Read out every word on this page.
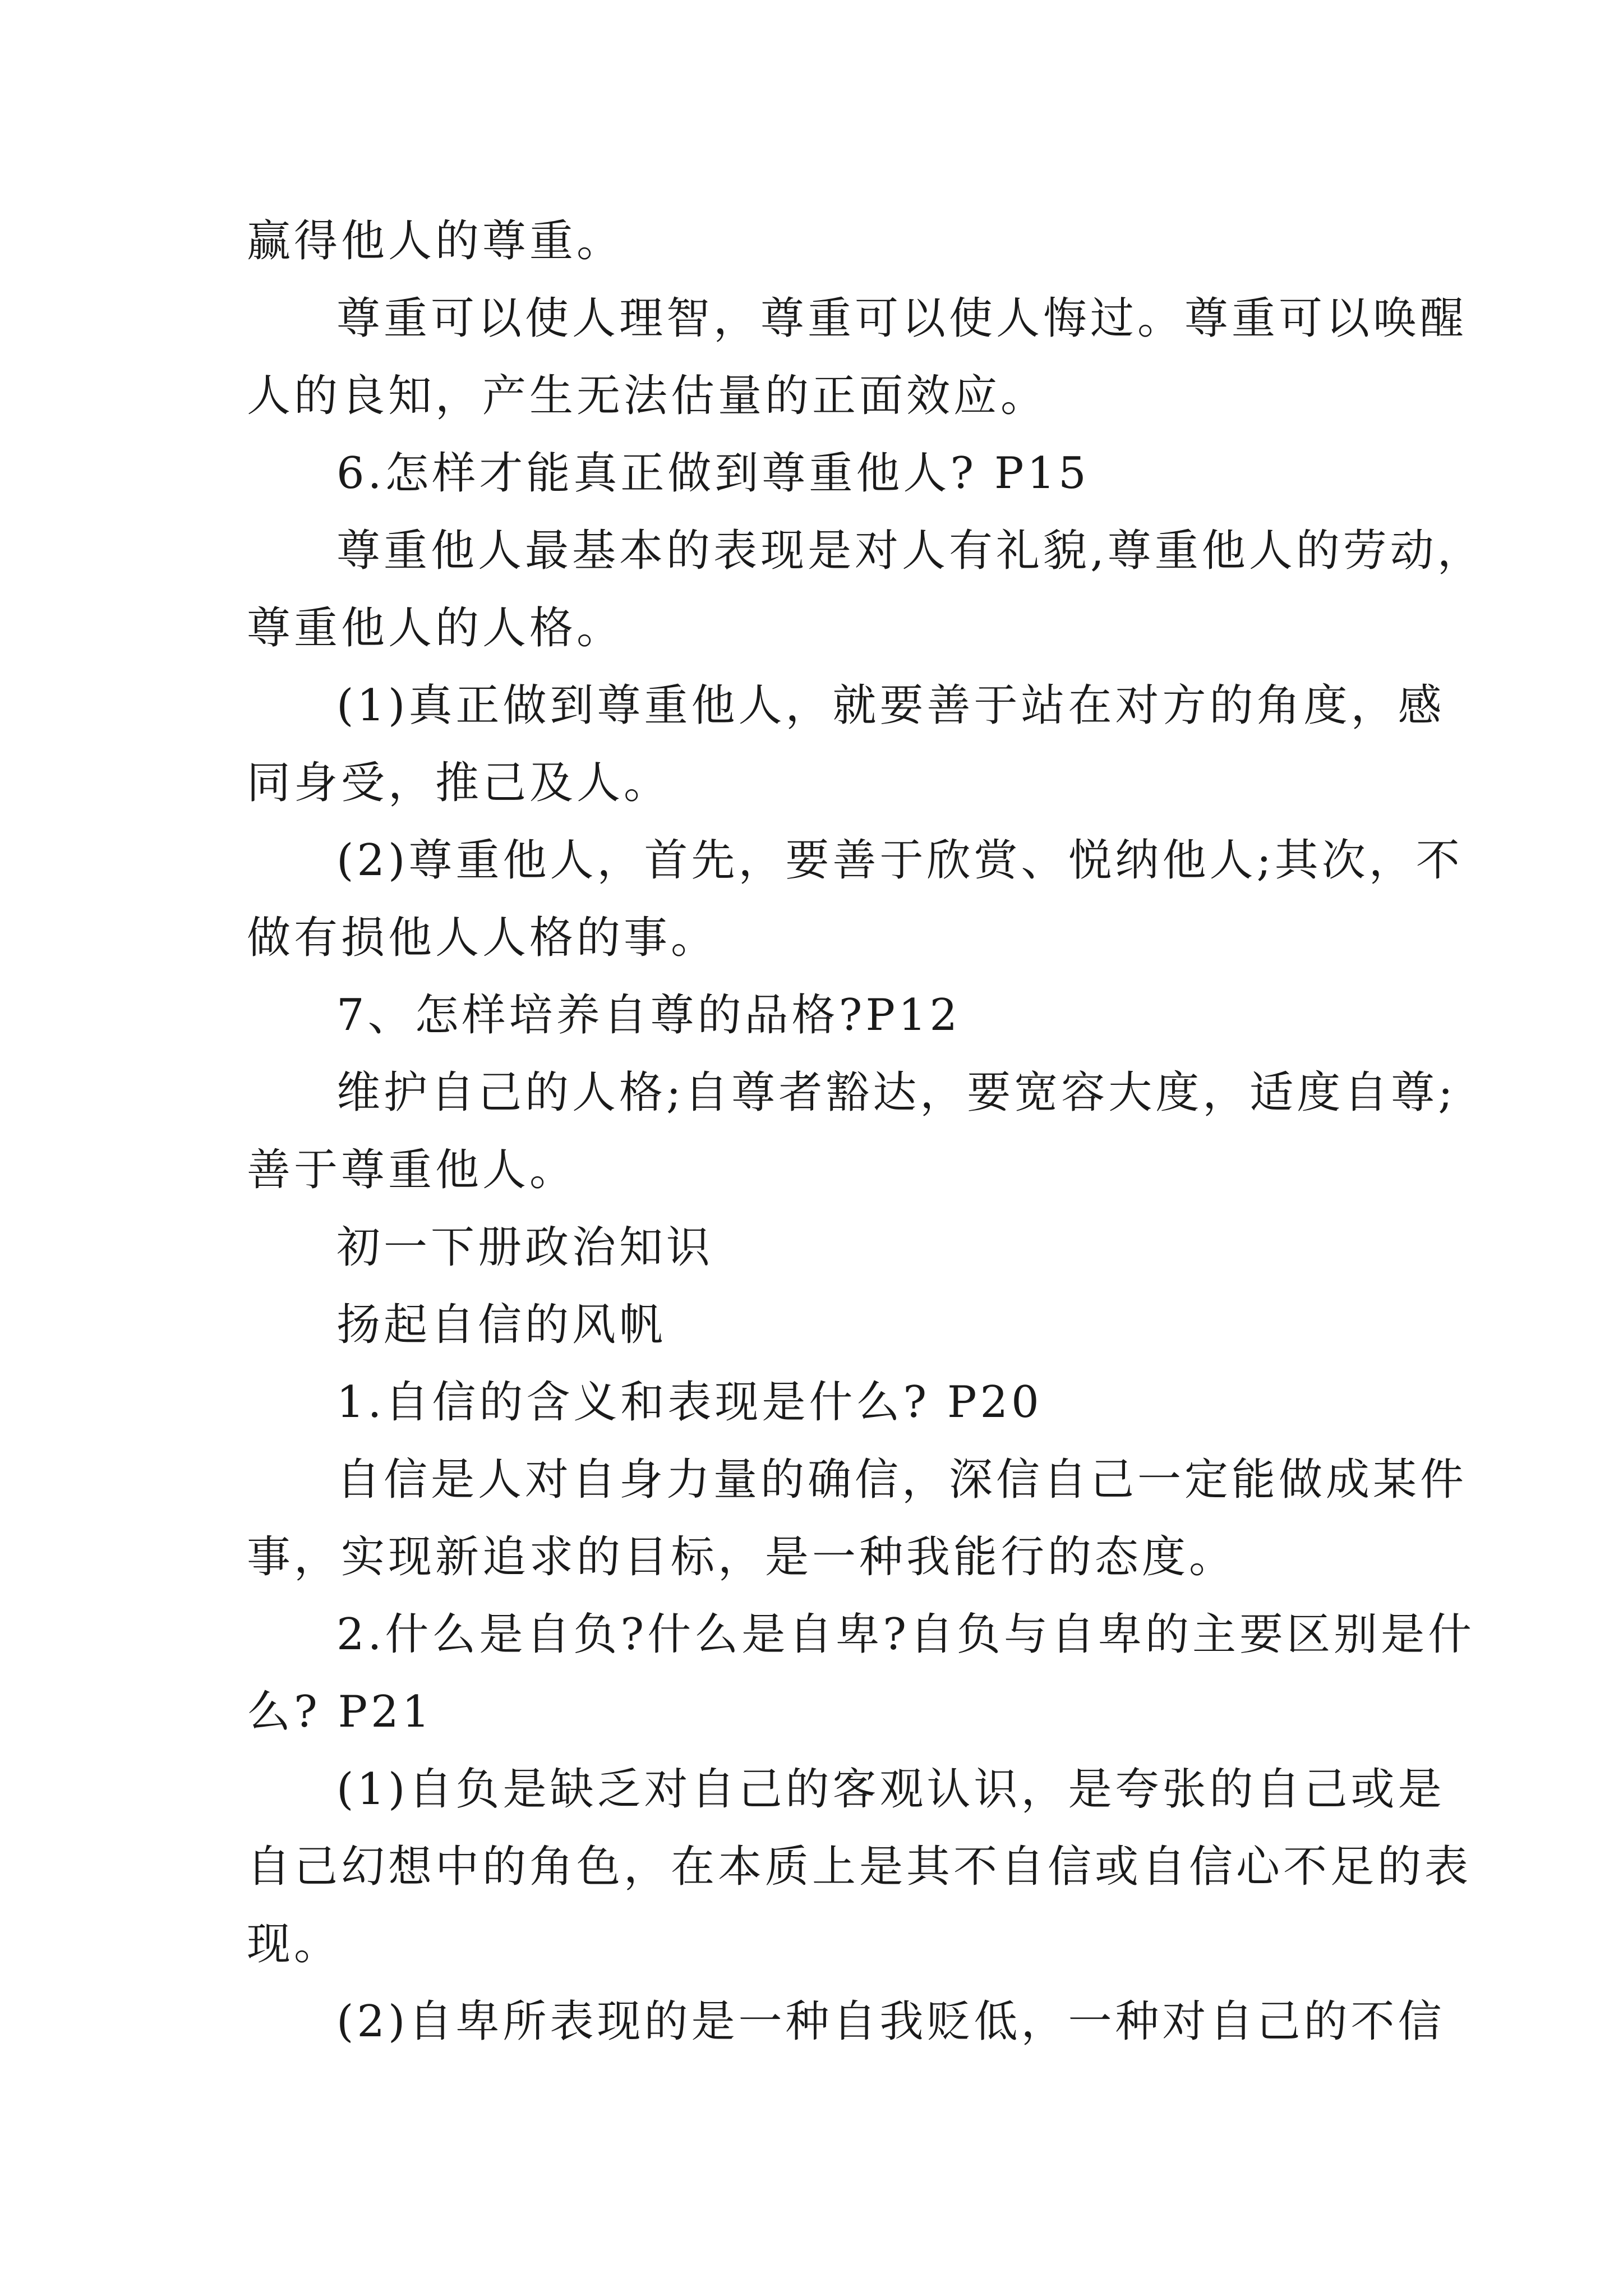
赢得他人的尊重。
尊重可以使人理智，尊重可以使人悔过。尊重可以唤醒
人的良知，产生无法估量的正面效应。
6.怎样才能真正做到尊重他人? P15
尊重他人最基本的表现是对人有礼貌,尊重他人的劳动，
尊重他人的人格。
(1)真正做到尊重他人，就要善于站在对方的角度，感
同身受，推己及人。
(2)尊重他人，首先，要善于欣赏、悦纳他人;其次，不
做有损他人人格的事。
7、怎样培养自尊的品格?P12
维护自己的人格;自尊者豁达，要宽容大度，适度自尊;
善于尊重他人。
初一下册政治知识
扬起自信的风帆
1.自信的含义和表现是什么? P20
自信是人对自身力量的确信，深信自己一定能做成某件
事，实现新追求的目标，是一种我能行的态度。
2.什么是自负?什么是自卑?自负与自卑的主要区别是什
么? P21
(1)自负是缺乏对自己的客观认识，是夸张的自己或是
自己幻想中的角色，在本质上是其不自信或自信心不足的表
现。
(2)自卑所表现的是一种自我贬低，一种对自己的不信
